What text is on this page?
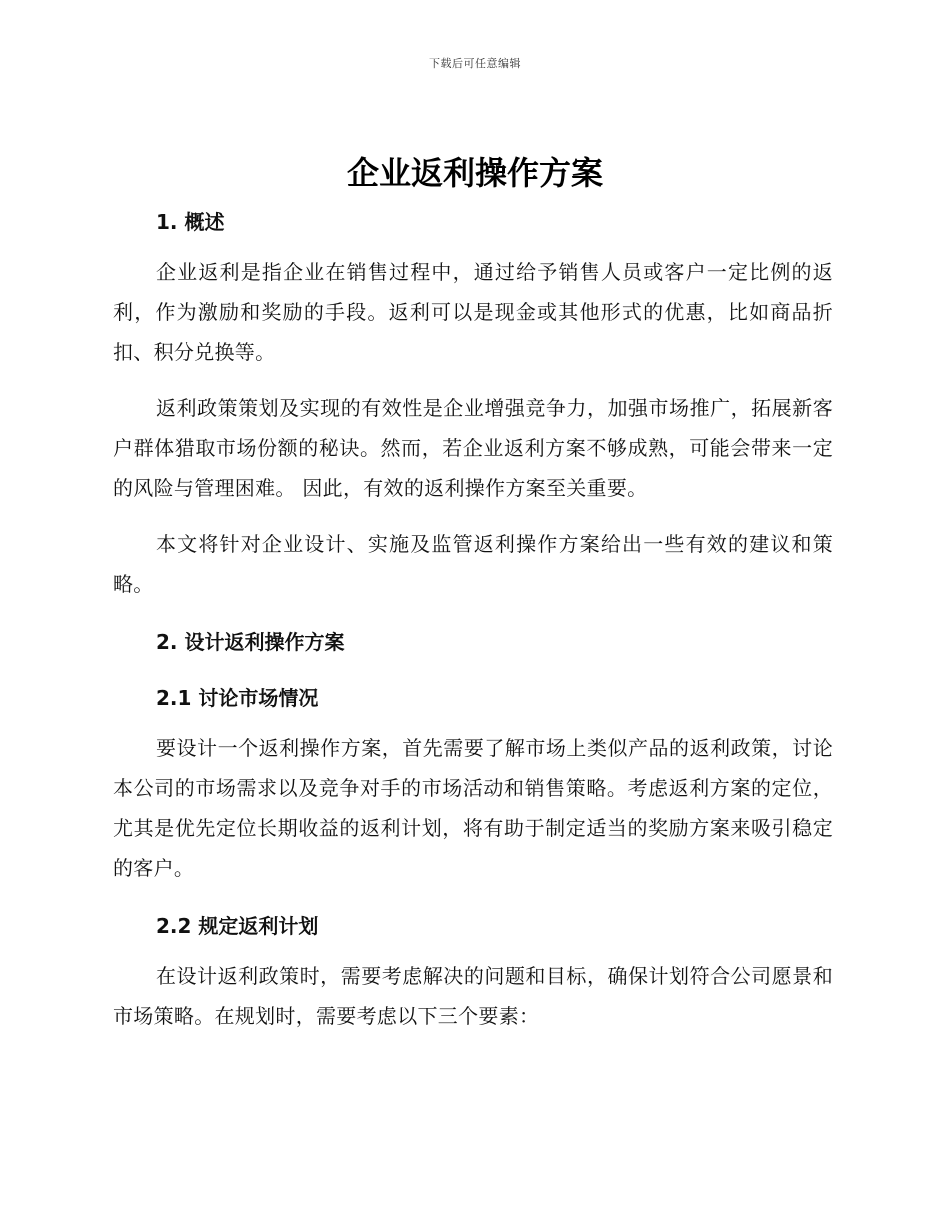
下载后可任意编辑
企业返利操作方案
1. 概述

企业返利是指企业在销售过程中，通过给予销售人员或客户一定比例的返利，作为激励和奖励的手段。返利可以是现金或其他形式的优惠，比如商品折扣、积分兑换等。

返利政策策划及实现的有效性是企业增强竞争力，加强市场推广，拓展新客户群体猎取市场份额的秘诀。然而，若企业返利方案不够成熟，可能会带来一定的风险与管理困难。 因此，有效的返利操作方案至关重要。

本文将针对企业设计、实施及监管返利操作方案给出一些有效的建议和策略。

2. 设计返利操作方案
2.1 讨论市场情况

要设计一个返利操作方案，首先需要了解市场上类似产品的返利政策，讨论本公司的市场需求以及竞争对手的市场活动和销售策略。考虑返利方案的定位，尤其是优先定位长期收益的返利计划，将有助于制定适当的奖励方案来吸引稳定的客户。

2.2 规定返利计划

在设计返利政策时，需要考虑解决的问题和目标，确保计划符合公司愿景和市场策略。在规划时，需要考虑以下三个要素：
